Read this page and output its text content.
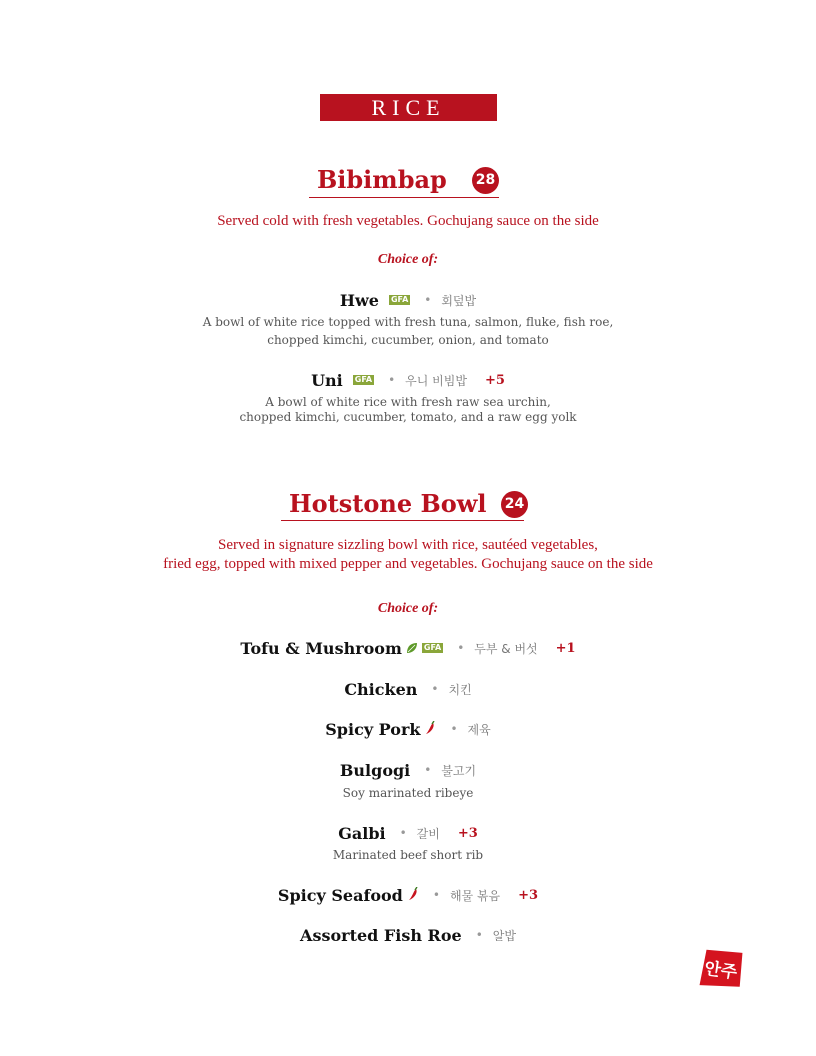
RICE
Bibimbap 28
Served cold with fresh vegetables. Gochujang sauce on the side
Choice of:
Hwe GFA • 회덮밥
A bowl of white rice topped with fresh tuna, salmon, fluke, fish roe,
chopped kimchi, cucumber, onion, and tomato
Uni GFA • 우니 비빔밥 +5
A bowl of white rice with fresh raw sea urchin,
chopped kimchi, cucumber, tomato, and a raw egg yolk
Hotstone Bowl 24
Served in signature sizzling bowl with rice, sautéed vegetables,
fried egg, topped with mixed pepper and vegetables. Gochujang sauce on the side
Choice of:
Tofu & Mushroom	GFA • 두부 & 버섯 +1
Chicken • 치킨
Spicy Pork	• 제육
Bulgogi • 불고기
Soy marinated ribeye
Galbi • 갈비 +3
Marinated beef short rib
Spicy Seafood	• 해물 볶음 +3
Assorted Fish Roe • 알밥
안주
